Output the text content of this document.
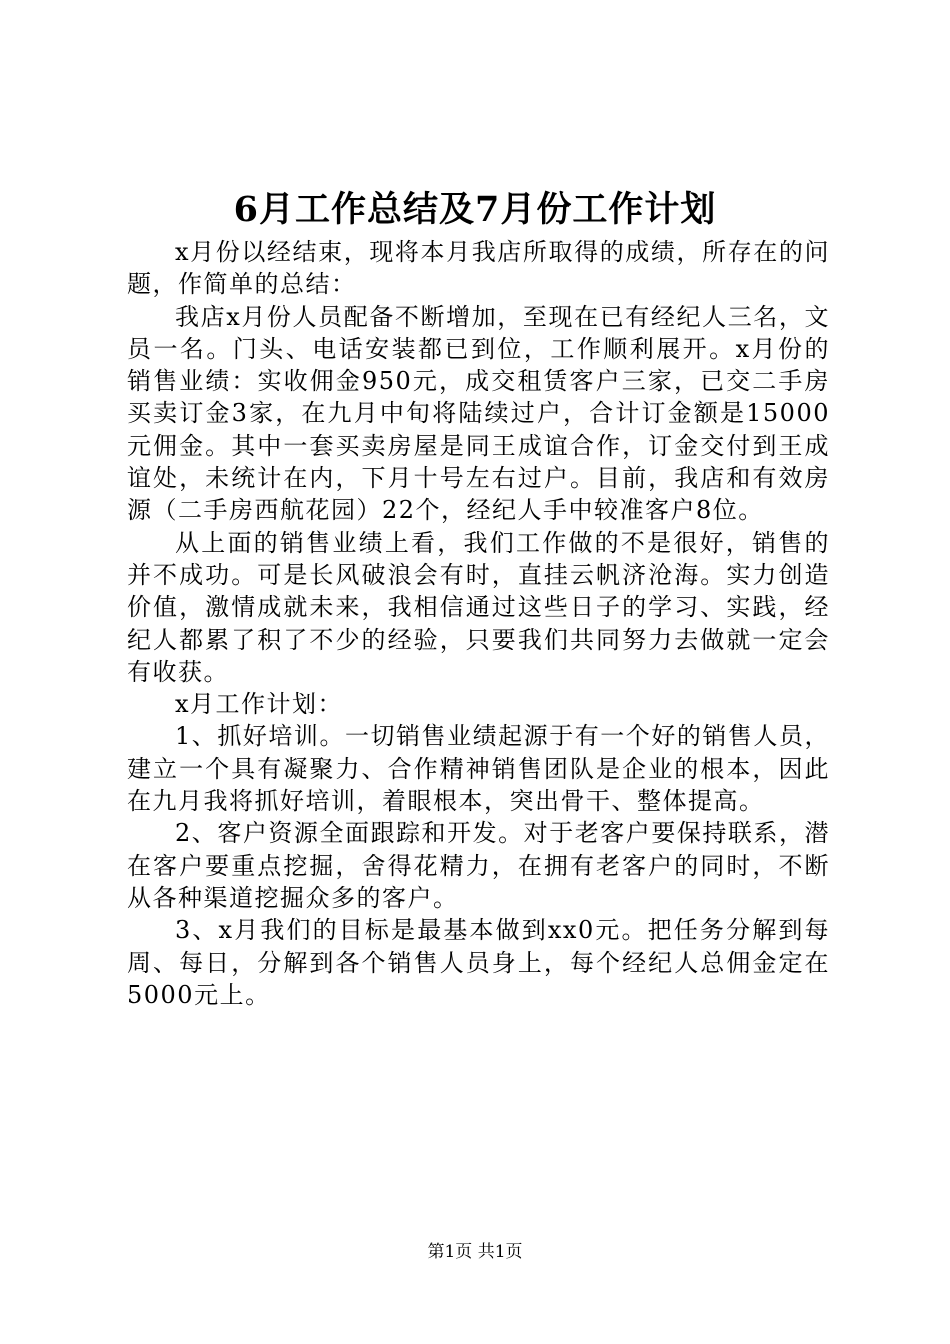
6月工作总结及7月份工作计划

x月份以经结束，现将本月我店所取得的成绩，所存在的问题，作简单的总结：

我店x月份人员配备不断增加，至现在已有经纪人三名，文员一名。门头、电话安装都已到位，工作顺利展开。x月份的销售业绩：实收佣金950元，成交租赁客户三家，已交二手房买卖订金3家，在九月中旬将陆续过户，合计订金额是15000元佣金。其中一套买卖房屋是同王成谊合作，订金交付到王成谊处，未统计在内，下月十号左右过户。目前，我店和有效房源（二手房西航花园）22个，经纪人手中较准客户8位。

从上面的销售业绩上看，我们工作做的不是很好，销售的并不成功。可是长风破浪会有时，直挂云帆济沧海。实力创造价值，激情成就未来，我相信通过这些日子的学习、实践，经纪人都累了积了不少的经验，只要我们共同努力去做就一定会有收获。

x月工作计划：

1、抓好培训。一切销售业绩起源于有一个好的销售人员，建立一个具有凝聚力、合作精神销售团队是企业的根本，因此在九月我将抓好培训，着眼根本，突出骨干、整体提高。

2、客户资源全面跟踪和开发。对于老客户要保持联系，潜在客户要重点挖掘，舍得花精力，在拥有老客户的同时，不断从各种渠道挖掘众多的客户。

3、x月我们的目标是最基本做到xx0元。把任务分解到每周、每日，分解到各个销售人员身上，每个经纪人总佣金定在5000元上。

第1页 共1页
